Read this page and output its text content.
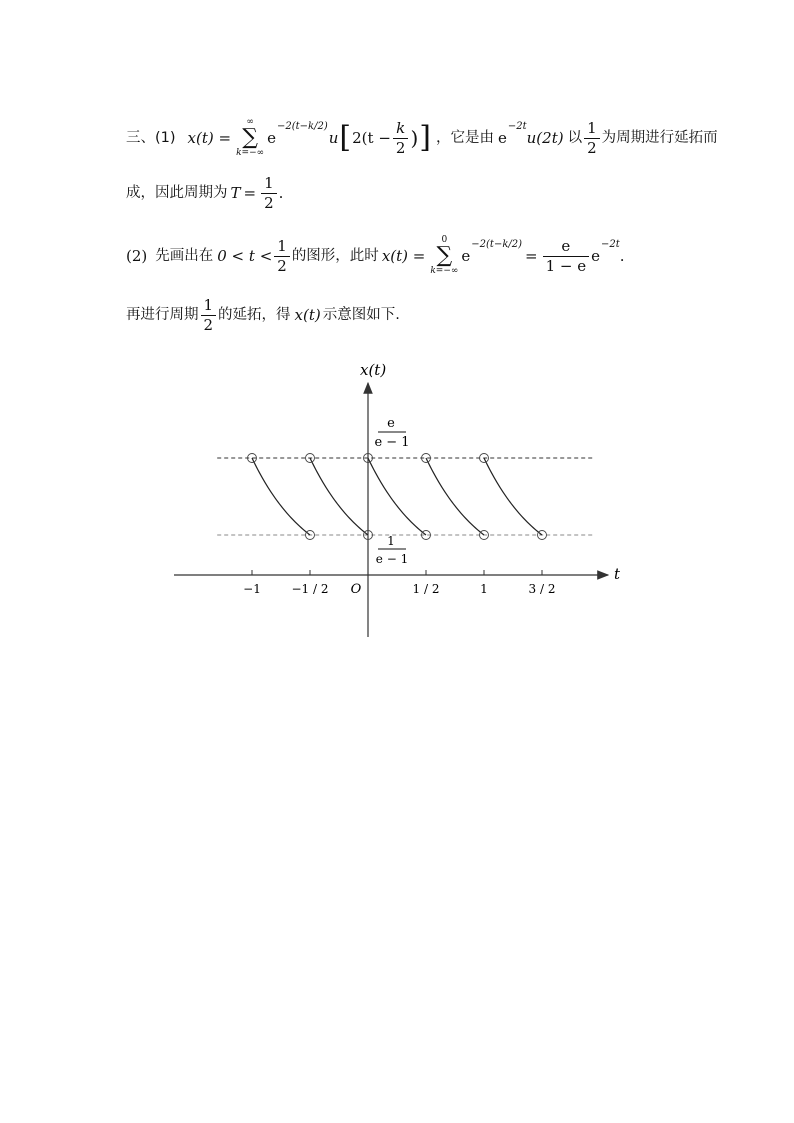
三、(1) x(t) =
∞
∑
k=−∞
e
−2(t−k/2)
u [ $2(t - \frac{k}{2}$ ) ] ， 它是由 e
−2t
u(2t) 以 $\frac{1}{2}$ 为周期进行延拓而
成，因此周期为 $T = \frac{1}{2}$ .
(2) 先画出在 $0 < t < \frac{1}{2}$ 的图形，此时 x(t) =
0
∑
k=−∞
e
−2(t−k/2)
= $\frac{e}{1 - e}$ e
−2t
.
再进行周期 $\frac{1}{2}$ 的延拓，得 x(t) 示意图如下.
x(t)
t
O
e
e − 1
1
e − 1
−1	−1 / 2	1 / 2	1	3 / 2
